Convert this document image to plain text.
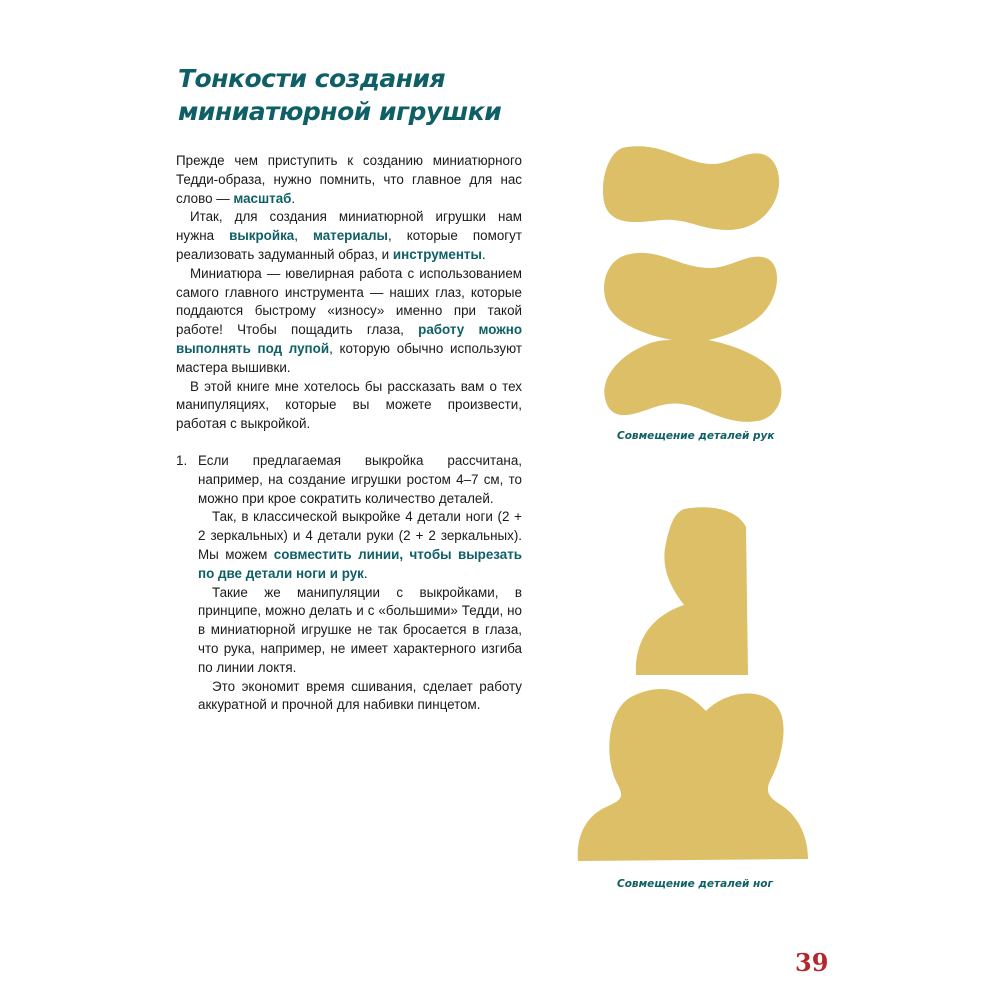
Тонкости создания
миниатюрной игрушки

Прежде чем приступить к созданию миниатюрного Тедди-образа, нужно помнить, что главное для нас слово — масштаб.

Итак, для создания миниатюрной игрушки нам нужна выкройка, материалы, которые помогут реализовать задуманный образ, и инструменты.

Миниатюра — ювелирная работа с использованием самого главного инструмента — наших глаз, которые поддаются быстрому «износу» именно при такой работе! Чтобы пощадить глаза, работу можно выполнять под лупой, которую обычно используют мастера вышивки.

В этой книге мне хотелось бы рассказать вам о тех манипуляциях, которые вы можете произвести, работая с выкройкой.

1. Если предлагаемая выкройка рассчитана, например, на создание игрушки ростом 4–7 см, то можно при крое сократить количество деталей.

Так, в классической выкройке 4 детали ноги (2 + 2 зеркальных) и 4 детали руки (2 + 2 зеркальных). Мы можем совместить линии, чтобы вырезать по две детали ноги и рук.

Такие же манипуляции с выкройками, в принципе, можно делать и с «большими» Тедди, но в миниатюрной игрушке не так бросается в глаза, что рука, например, не имеет характерного изгиба по линии локтя.

Это экономит время сшивания, сделает работу аккуратной и прочной для набивки пинцетом.

Совмещение деталей рук
Совмещение деталей ног
39
